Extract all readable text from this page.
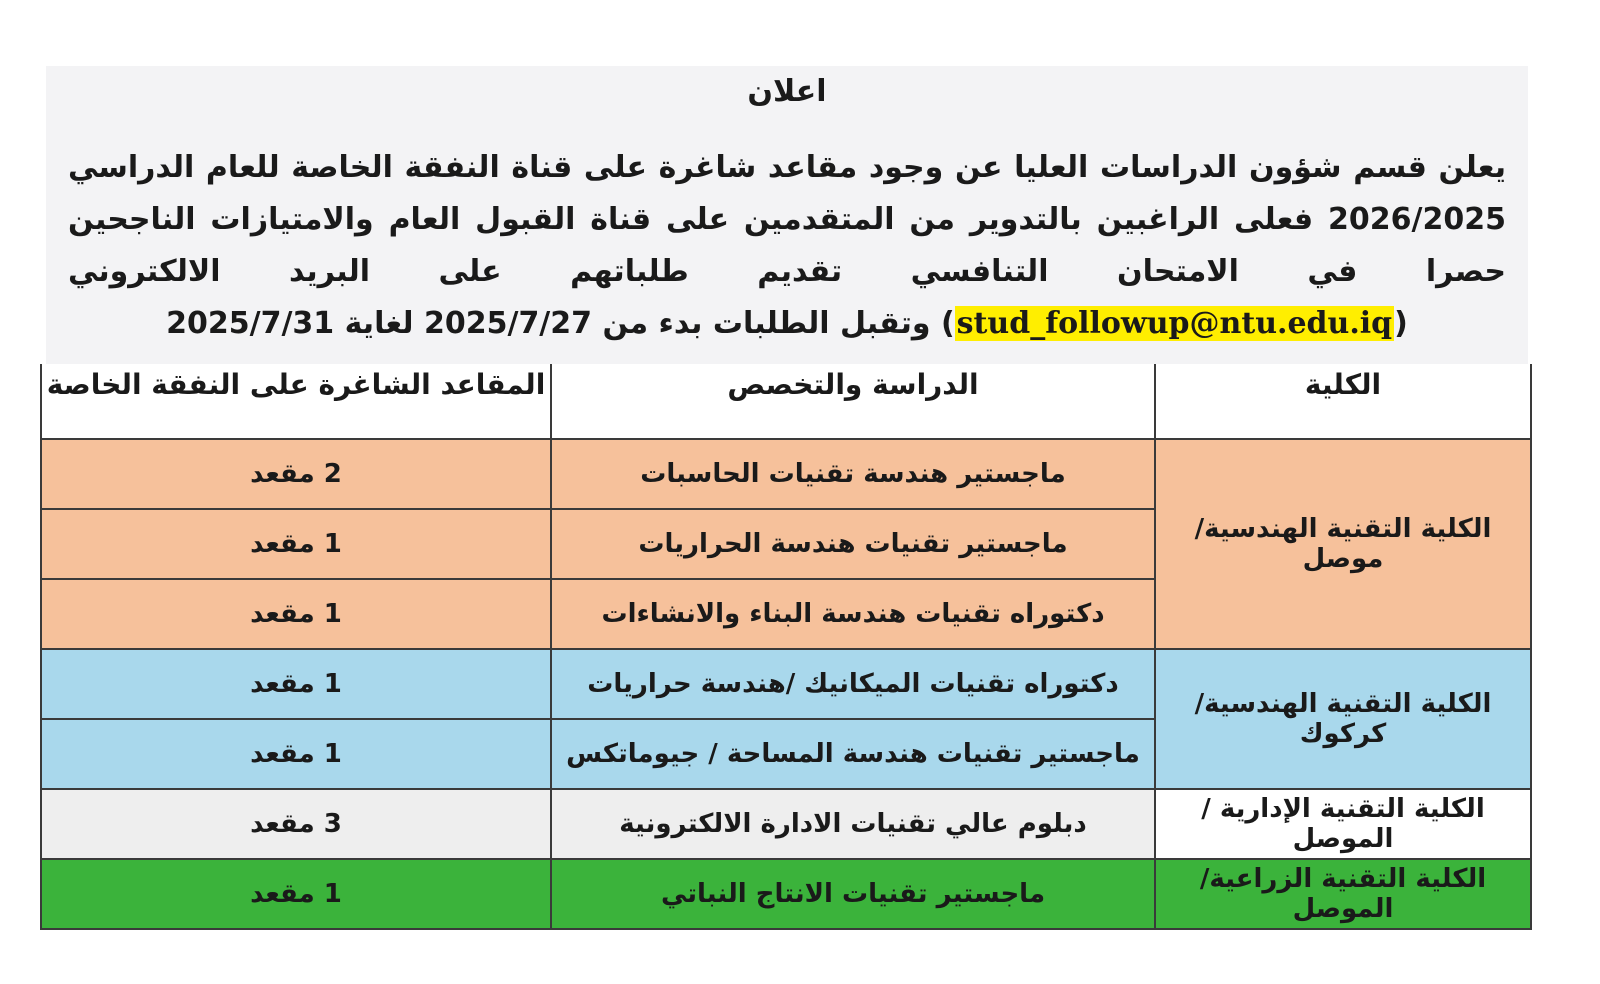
اعلان
يعلن قسم شؤون الدراسات العليا عن وجود مقاعد شاغرة على قناة النفقة الخاصة للعام الدراسي 2026/2025 فعلى الراغبين بالتدوير من المتقدمين على قناة القبول العام والامتيازات الناجحين حصرا في الامتحان التنافسي تقديم طلباتهم على البريد الالكتروني (stud_followup@ntu.edu.iq) وتقبل الطلبات بدء من 2025/7/27 لغاية 2025/7/31
الكلية	الدراسة والتخصص	المقاعد الشاغرة على النفقة الخاصة
الكلية التقنية الهندسية/ موصل	ماجستير هندسة تقنيات الحاسبات	2 مقعد
	ماجستير تقنيات هندسة الحراريات	1 مقعد
	دكتوراه تقنيات هندسة البناء والانشاءات	1 مقعد
الكلية التقنية الهندسية/ كركوك	دكتوراه تقنيات الميكانيك /هندسة حراريات	1 مقعد
	ماجستير تقنيات هندسة المساحة / جيوماتكس	1 مقعد
الكلية التقنية الإدارية / الموصل	دبلوم عالي تقنيات الادارة الالكترونية	3 مقعد
الكلية التقنية الزراعية/ الموصل	ماجستير تقنيات الانتاج النباتي	1 مقعد
